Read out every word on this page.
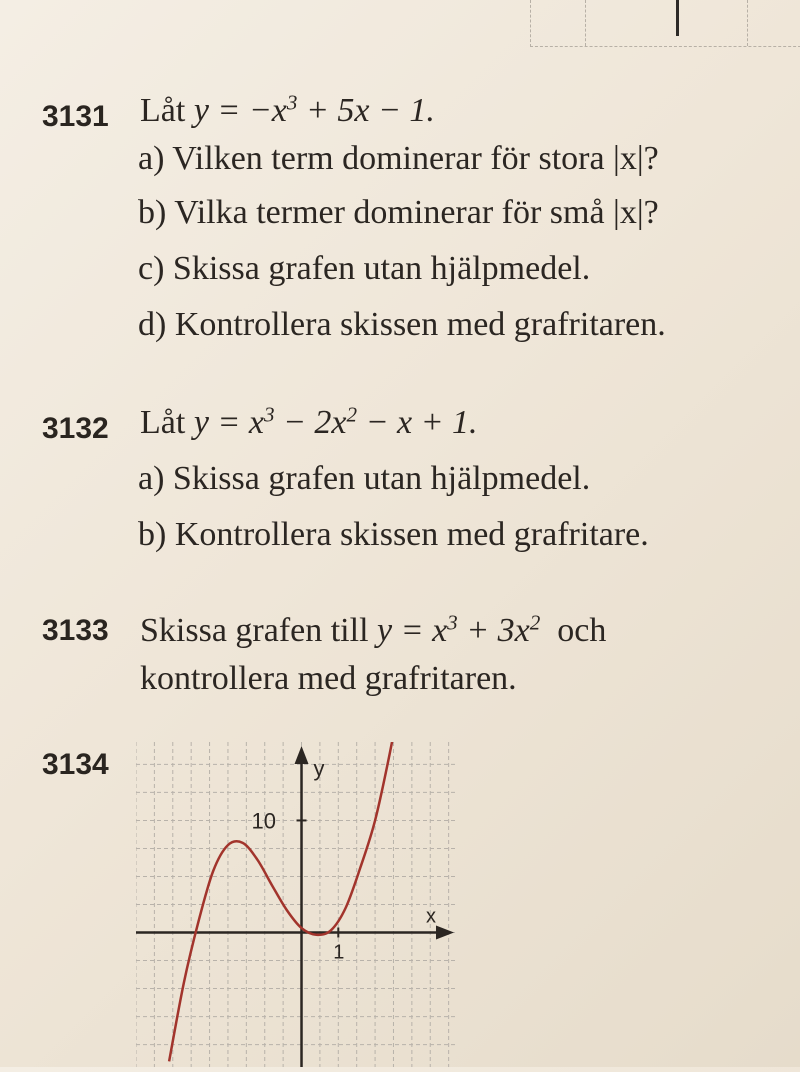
3131 Låt $y = -x^3 + 5x - 1$.
a) Vilken term dominerar för stora |x|?
b) Vilka termer dominerar för små |x|?
c) Skissa grafen utan hjälpmedel.
d) Kontrollera skissen med grafritaren.
3132 Låt $y = x^3 - 2x^2 - x + 1$.
a) Skissa grafen utan hjälpmedel.
b) Kontrollera skissen med grafritare.
3133 Skissa grafen till $y = x^3 + 3x^2$ och
kontrollera med grafritaren.
3134
1
10
x
y
